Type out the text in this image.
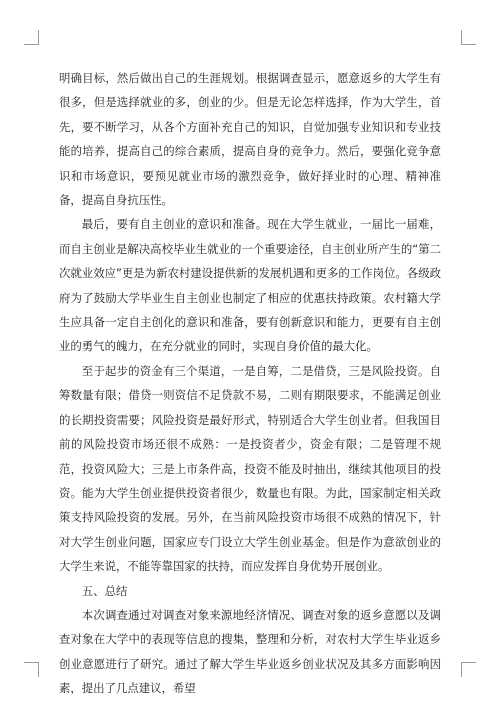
明确目标，然后做出自己的生涯规划。根据调查显示，愿意返乡的大学生有很多，但是选择就业的多，创业的少。但是无论怎样选择，作为大学生，首先，要不断学习，从各个方面补充自己的知识，自觉加强专业知识和专业技能的培养，提高自己的综合素质，提高自身的竞争力。然后，要强化竞争意识和市场意识，要预见就业市场的激烈竞争，做好择业时的心理、精神准备，提高自身抗压性。

最后，要有自主创业的意识和准备。现在大学生就业，一届比一届难，而自主创业是解决高校毕业生就业的一个重要途径，自主创业所产生的“第二次就业效应”更是为新农村建设提供新的发展机遇和更多的工作岗位。各级政府为了鼓励大学毕业生自主创业也制定了相应的优惠扶持政策。农村籍大学生应具备一定自主创化的意识和准备，要有创新意识和能力，更要有自主创业的勇气的魄力，在充分就业的同时，实现自身价值的最大化。

至于起步的资金有三个渠道，一是自筹，二是借贷，三是风险投资。自筹数量有限；借贷一则资信不足贷款不易，二则有期限要求，不能满足创业的长期投资需要；风险投资是最好形式，特别适合大学生创业者。但我国目前的风险投资市场还很不成熟：一是投资者少，资金有限；二是管理不规范，投资风险大；三是上市条件高，投资不能及时抽出，继续其他项目的投资。能为大学生创业提供投资者很少，数量也有限。为此，国家制定相关政策支持风险投资的发展。另外，在当前风险投资市场很不成熟的情况下，针对大学生创业问题，国家应专门设立大学生创业基金。但是作为意欲创业的大学生来说，不能等靠国家的扶持，而应发挥自身优势开展创业。

五、总结

本次调查通过对调查对象来源地经济情况、调查对象的返乡意愿以及调查对象在大学中的表现等信息的搜集，整理和分析，对农村大学生毕业返乡创业意愿进行了研究。通过了解大学生毕业返乡创业状况及其多方面影响因素，提出了几点建议，希望
